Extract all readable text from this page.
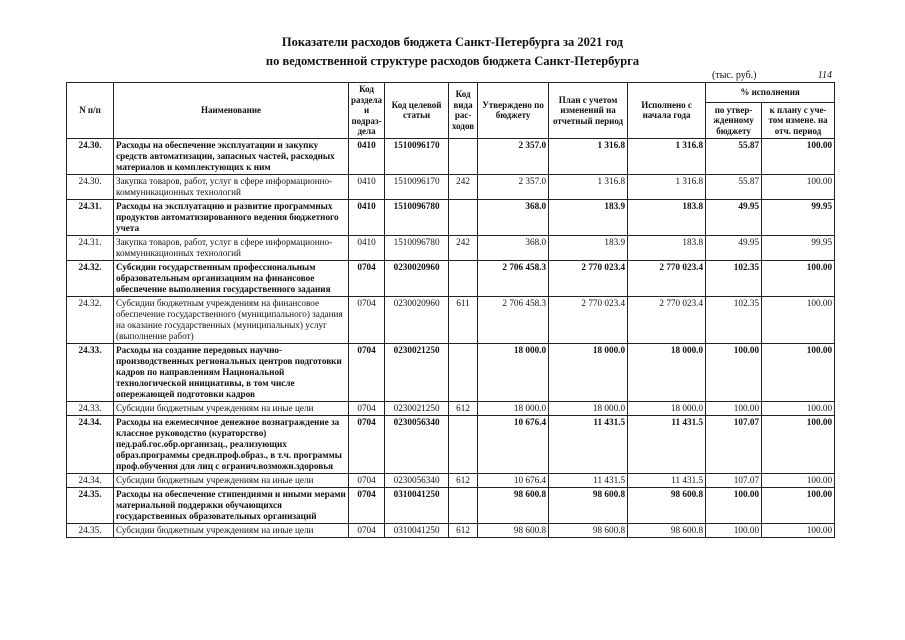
Показатели расходов бюджета Санкт-Петербурга за 2021 год
по ведомственной структуре расходов бюджета Санкт-Петербурга
(тыс. руб.)	114
N п/п	Наименование	Код раздела и подраз-дела	Код целевой статьи	Код вида рас-ходов	Утверждено по бюджету	План с учетом изменений на отчетный период	Исполнено с начала года	% исполнения	
								по утвер-жденному бюджету	к плану с уче-том измене. на отч. период
24.30.	Расходы на обеспечение эксплуатации и закупку средств автоматизации, запасных частей, расходных материалов и комплектующих к ним	0410	1510096170		2 357.0	1 316.8	1 316.8	55.87	100.00
24.30.	Закупка товаров, работ, услуг в сфере информационно-коммуникационных технологий	0410	1510096170	242	2 357.0	1 316.8	1 316.8	55.87	100.00
24.31.	Расходы на эксплуатацию и развитие программных продуктов автоматизированного ведения бюджетного учета	0410	1510096780		368.0	183.9	183.8	49.95	99.95
24.31.	Закупка товаров, работ, услуг в сфере информационно-коммуникационных технологий	0410	1510096780	242	368.0	183.9	183.8	49.95	99.95
24.32.	Субсидии государственным профессиональным образовательным организациям на финансовое обеспечение выполнения государственного задания	0704	0230020960		2 706 458.3	2 770 023.4	2 770 023.4	102.35	100.00
24.32.	Субсидии бюджетным учреждениям на финансовое обеспечение государственного (муниципального) задания на оказание государственных (муниципальных) услуг (выполнение работ)	0704	0230020960	611	2 706 458.3	2 770 023.4	2 770 023.4	102.35	100.00
24.33.	Расходы на создание передовых научно-производственных региональных центров подготовки кадров по направлениям Национальной технологической инициативы, в том числе опережающей подготовки кадров	0704	0230021250		18 000.0	18 000.0	18 000.0	100.00	100.00
24.33.	Субсидии бюджетным учреждениям на иные цели	0704	0230021250	612	18 000.0	18 000.0	18 000.0	100.00	100.00
24.34.	Расходы на ежемесячное денежное вознаграждение за классное руководство (кураторство) пед.раб.гос.обр.организац., реализующих образ.программы средн.проф.образ., в т.ч. программы проф.обучения для лиц с огранич.возможн.здоровья	0704	0230056340		10 676.4	11 431.5	11 431.5	107.07	100.00
24.34.	Субсидии бюджетным учреждениям на иные цели	0704	0230056340	612	10 676.4	11 431.5	11 431.5	107.07	100.00
24.35.	Расходы на обеспечение стипендиями и иными мерами материальной поддержки обучающихся государственных образовательных организаций	0704	0310041250		98 600.8	98 600.8	98 600.8	100.00	100.00
24.35.	Субсидии бюджетным учреждениям на иные цели	0704	0310041250	612	98 600.8	98 600.8	98 600.8	100.00	100.00
